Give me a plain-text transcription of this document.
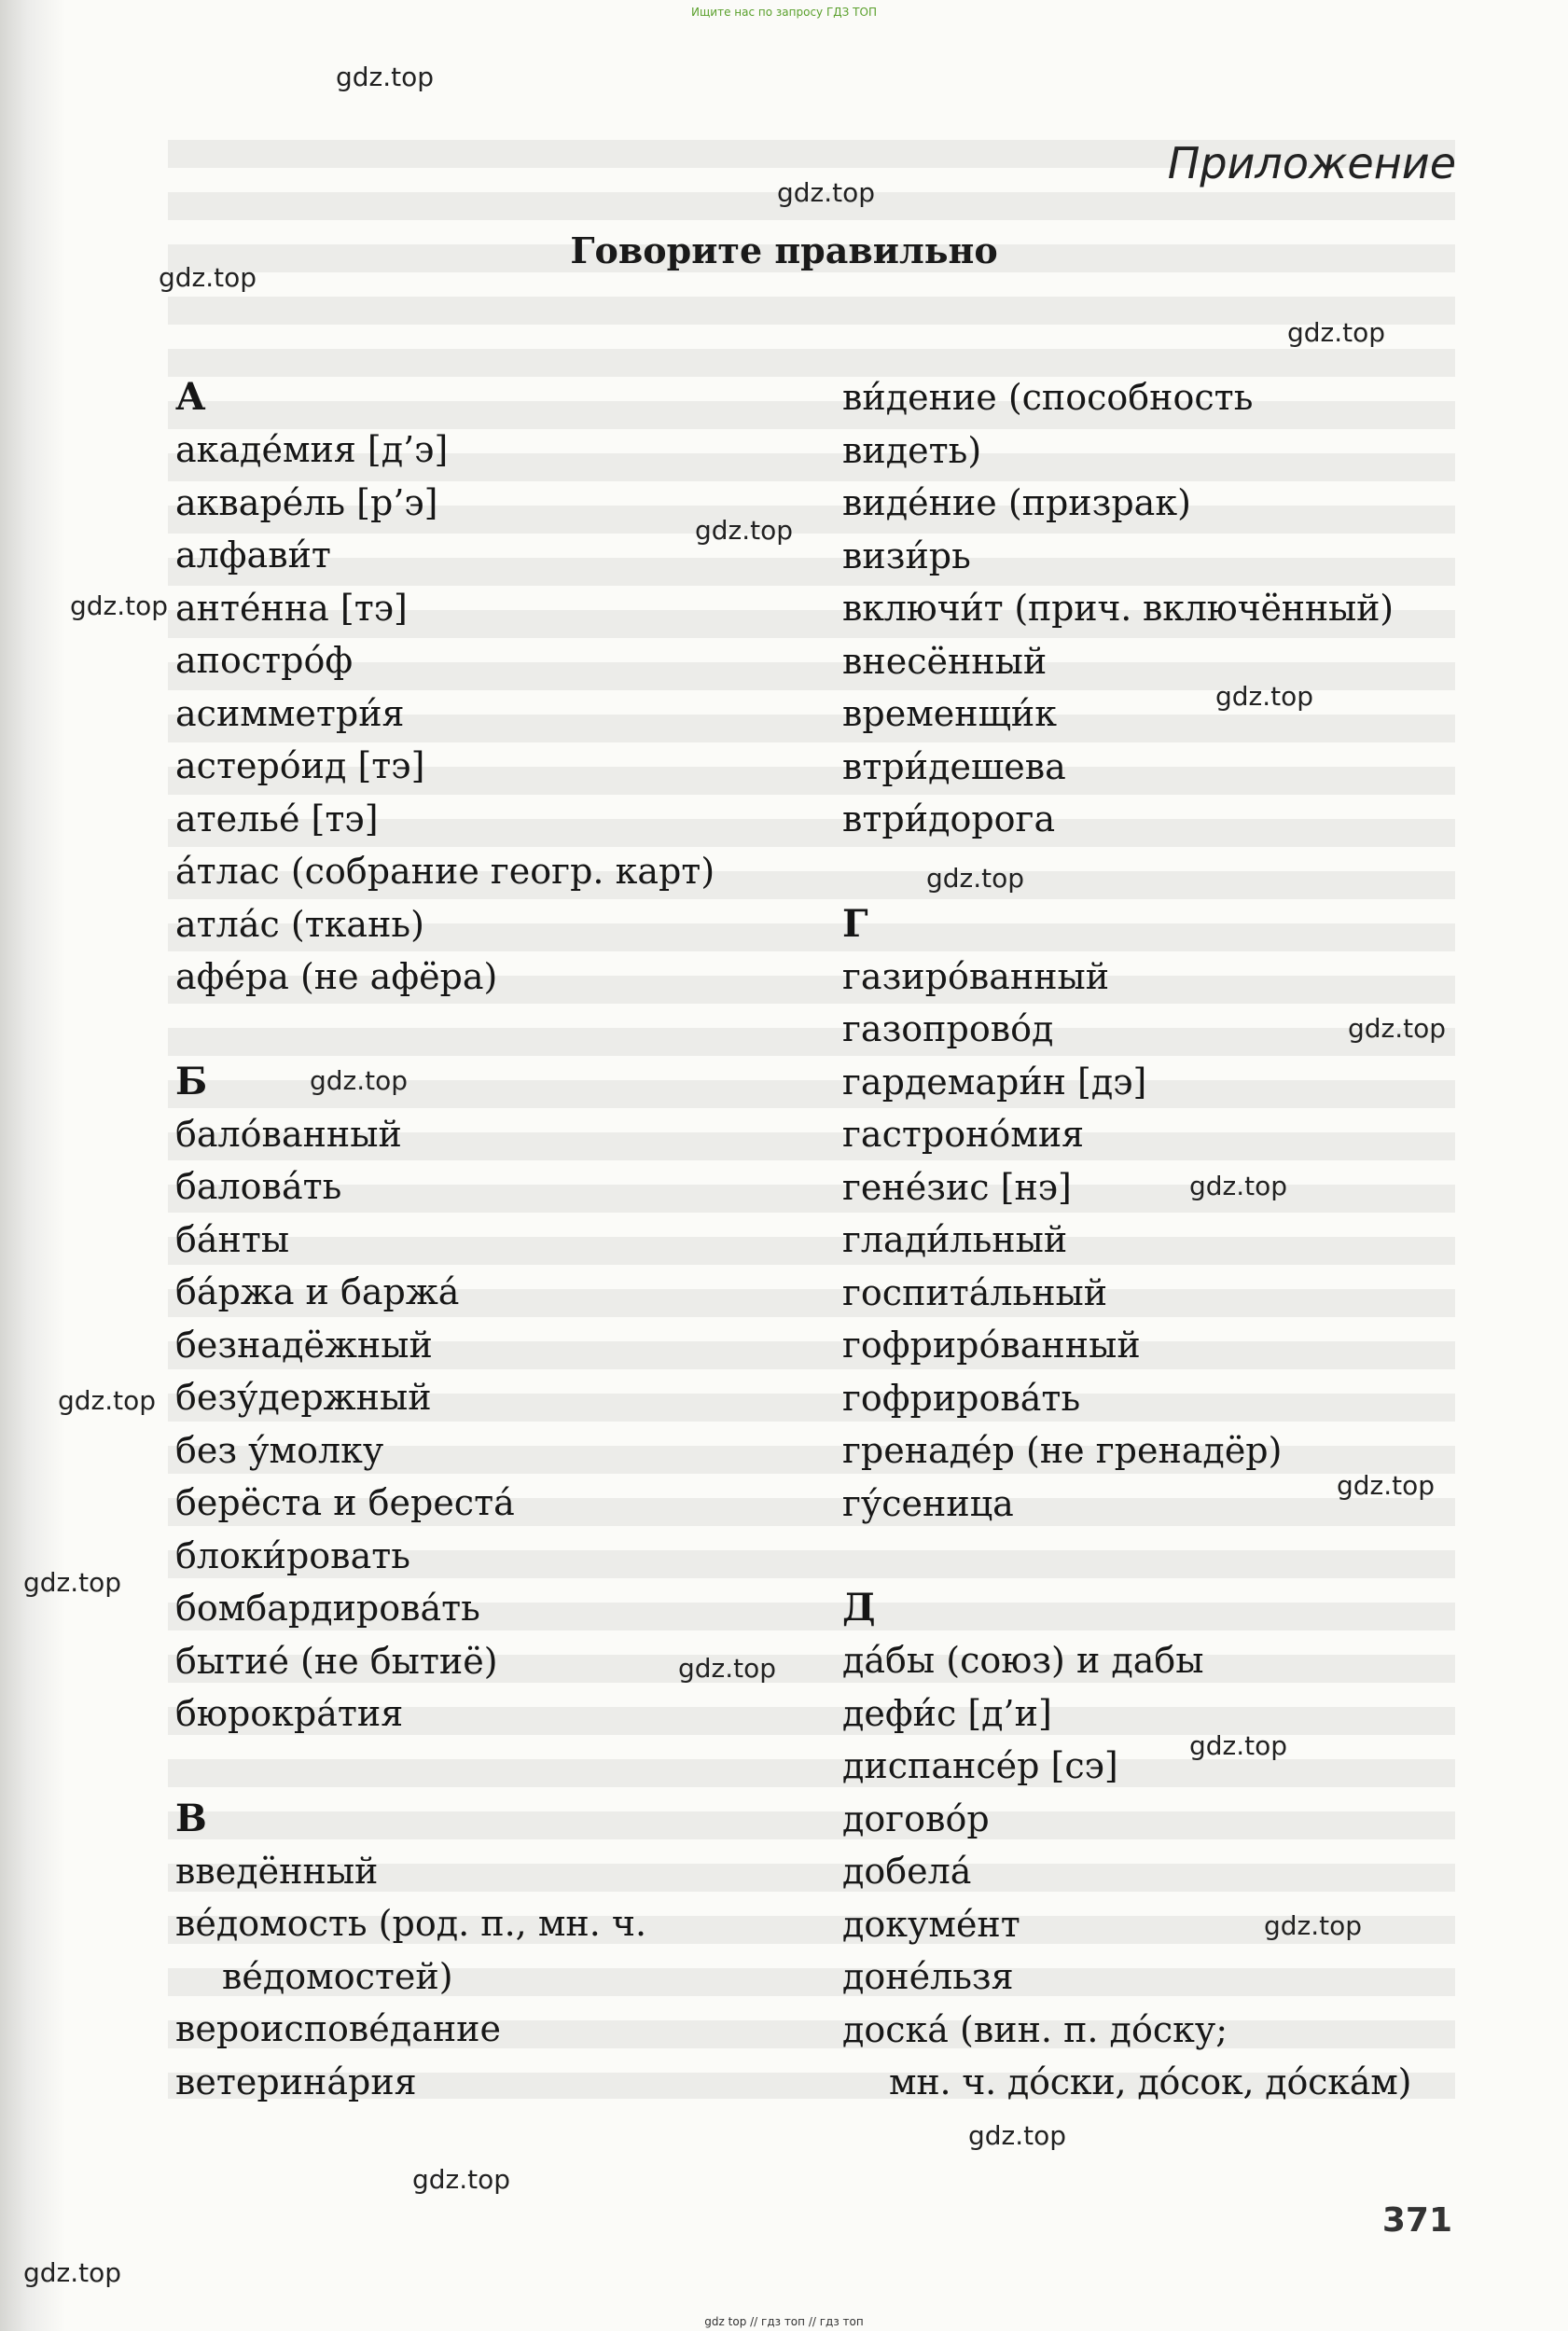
Ищите нас по запросу ГДЗ ТОП
Приложение
Говорите правильно
А
акаде́мия [д’э]
акваре́ль [р’э]
алфави́т
анте́нна [тэ]
апостро́ф
асимметри́я
астеро́ид [тэ]
ателье́ [тэ]
а́тлас (собрание геогр. карт)
атла́с (ткань)
афе́ра (не афёра)
Б
бало́ванный
балова́ть
ба́нты
ба́ржа и баржа́
безнадёжный
безу́держный
без у́молку
берёста и береста́
блоки́ровать
бомбардирова́ть
бытие́ (не бытиё)
бюрокра́тия
В
введённый
ве́домость (род. п., мн. ч.
ве́домостей)
вероиспове́дание
ветерина́рия
ви́дение (способность
видеть)
виде́ние (призрак)
визи́рь
включи́т (прич. включённый)
внесённый
временщи́к
втри́дешева
втри́дорога
Г
газиро́ванный
газопрово́д
гардемари́н [дэ]
гастроно́мия
гене́зис [нэ]
глади́льный
госпита́льный
гофриро́ванный
гофрирова́ть
гренаде́р (не гренадёр)
гу́сеница
Д
да́бы (союз) и дабы
дефи́с [д’и]
диспансе́р [сэ]
догово́р
добела́
докуме́нт
доне́льзя
доска́ (вин. п. до́ску;
мн. ч. до́ски, до́сок, до́ска́м)
371
gdz top // гдз топ // гдз топ
gdz.top
gdz.top
gdz.top
gdz.top
gdz.top
gdz.top
gdz.top
gdz.top
gdz.top
gdz.top
gdz.top
gdz.top
gdz.top
gdz.top
gdz.top
gdz.top
gdz.top
gdz.top
gdz.top
gdz.top
